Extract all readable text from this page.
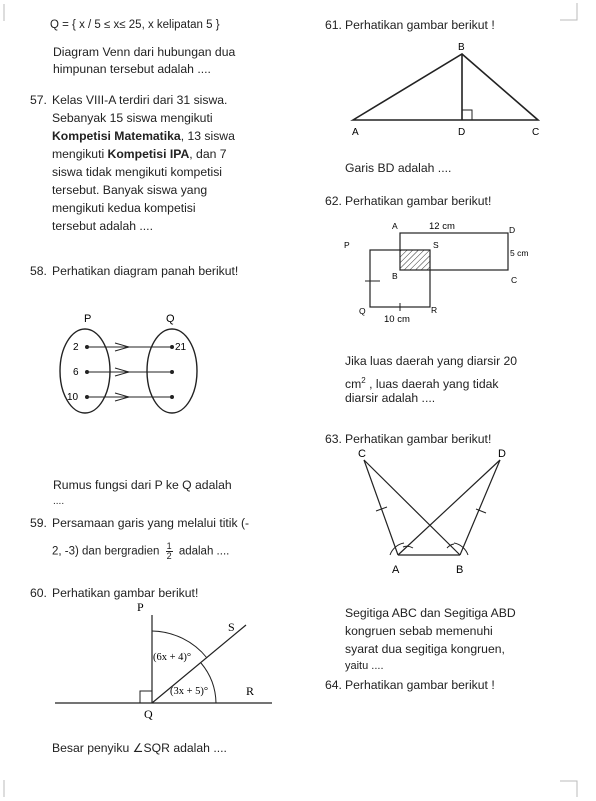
Q = { x / 5 ≤ x≤ 25, x kelipatan 5 }

Diagram Venn dari hubungan dua

himpunan tersebut adalah ....

57. Kelas VIII-A terdiri dari 31 siswa.

Sebanyak 15 siswa mengikuti

Kompetisi Matematika, 13 siswa

mengikuti Kompetisi IPA, dan 7

siswa tidak mengikuti kompetisi

tersebut. Banyak siswa yang

mengikuti kedua kompetisi

tersebut adalah ....

58. Perhatikan diagram panah berikut!

P	Q
2
6
10
21

Rumus fungsi dari P ke Q adalah

....

59. Persamaan garis yang melalui titik (-

2, -3) dan bergradien $\frac{1}{2}$ adalah ....

60. Perhatikan gambar berikut!

P
S
R
Q
(6x + 4)°
(3x + 5)°

Besar penyiku ∠SQR adalah ....

61. Perhatikan gambar berikut !

B
A	D	C

Garis BD adalah ....

62. Perhatikan gambar berikut!

A	12 cm	D
P	S
5 cm
B	C
Q	R
10 cm

Jika luas daerah yang diarsir 20

$cm^2$ , luas daerah yang tidak

diarsir adalah ....

63. Perhatikan gambar berikut!

C	D
A	B

Segitiga ABC dan Segitiga ABD

kongruen sebab memenuhi

syarat dua segitiga kongruen,

yaitu ....

64. Perhatikan gambar berikut !
